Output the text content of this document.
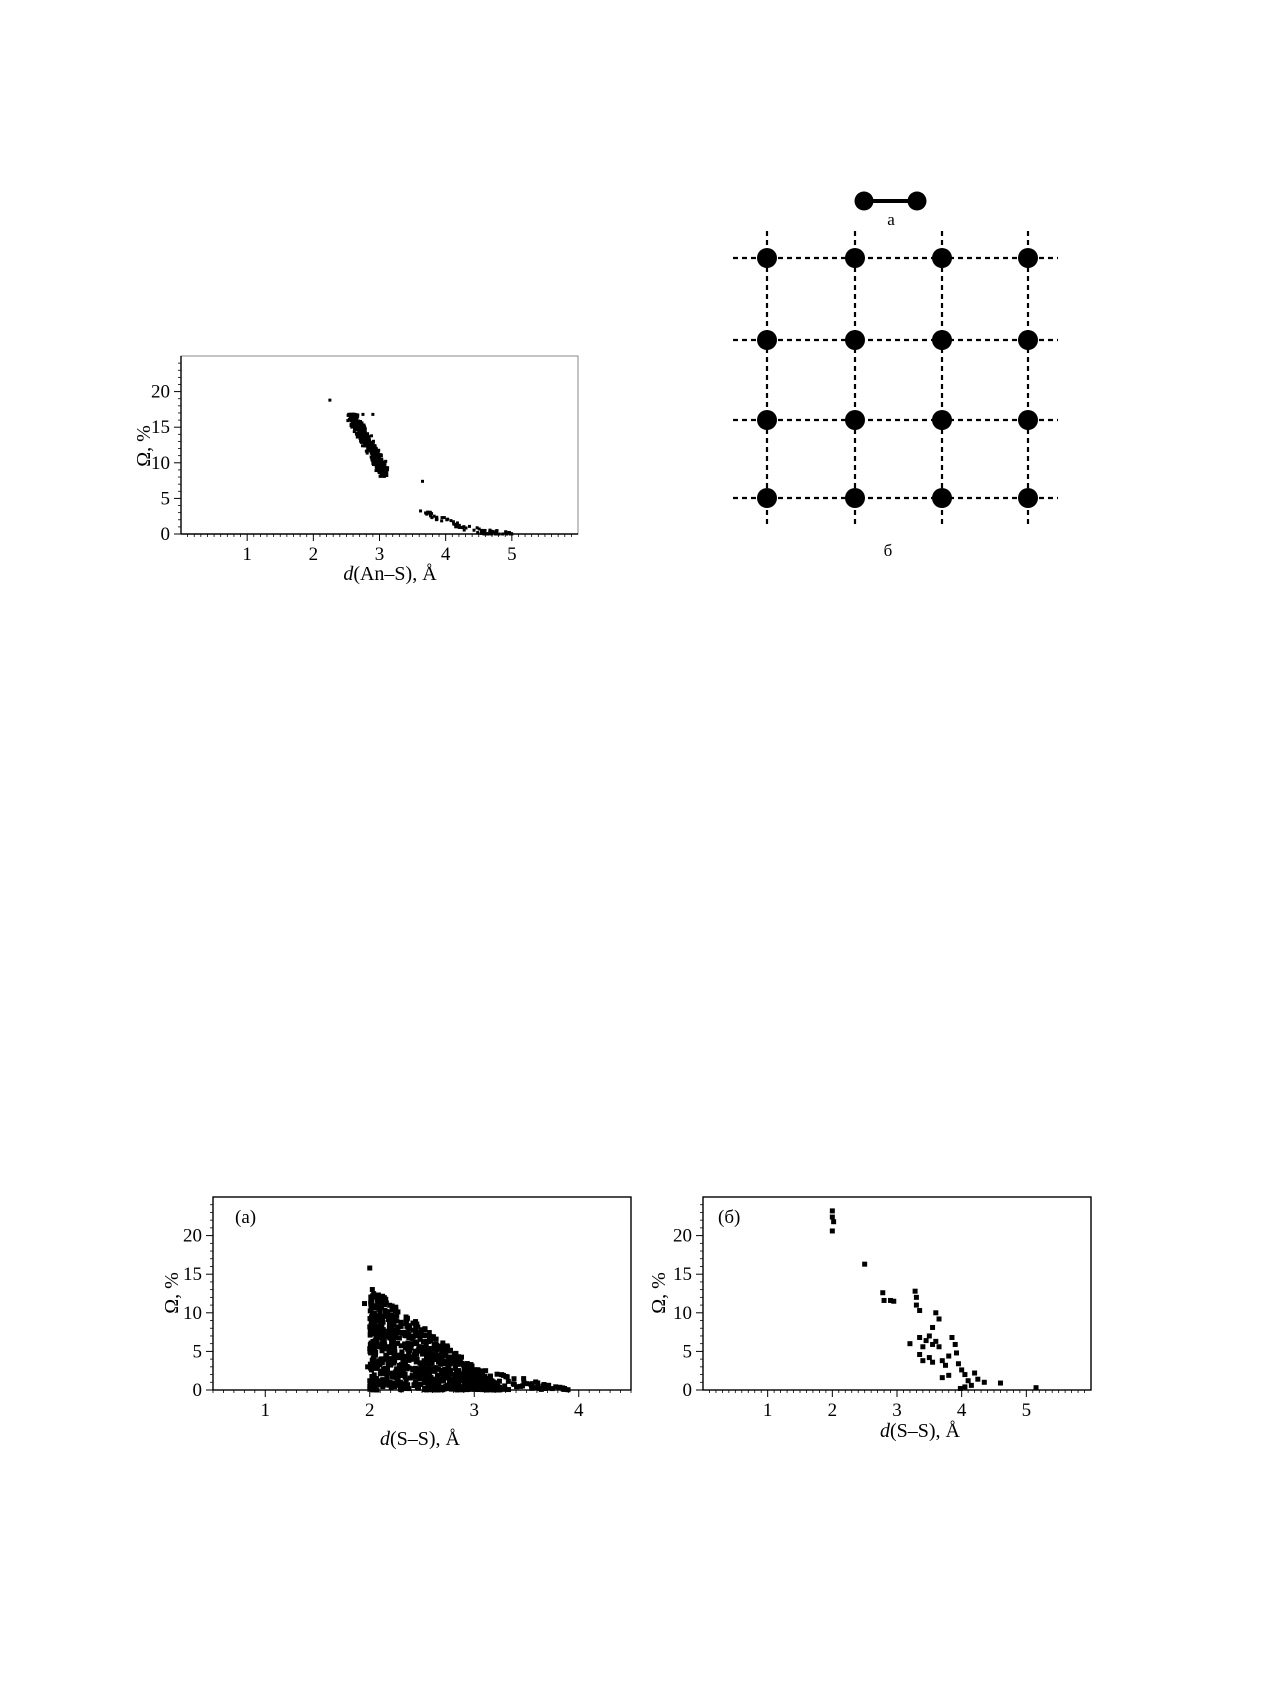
1	2	3	4	5
0
5
10
15
20
Ω, %
d(An–S), Å
а
б
1	2	3	4
0
5
10
15
20
(а)
Ω, %
d(S–S), Å
1	2	3	4	5
0
5
10
15
20
(б)
Ω, %
d(S–S), Å
